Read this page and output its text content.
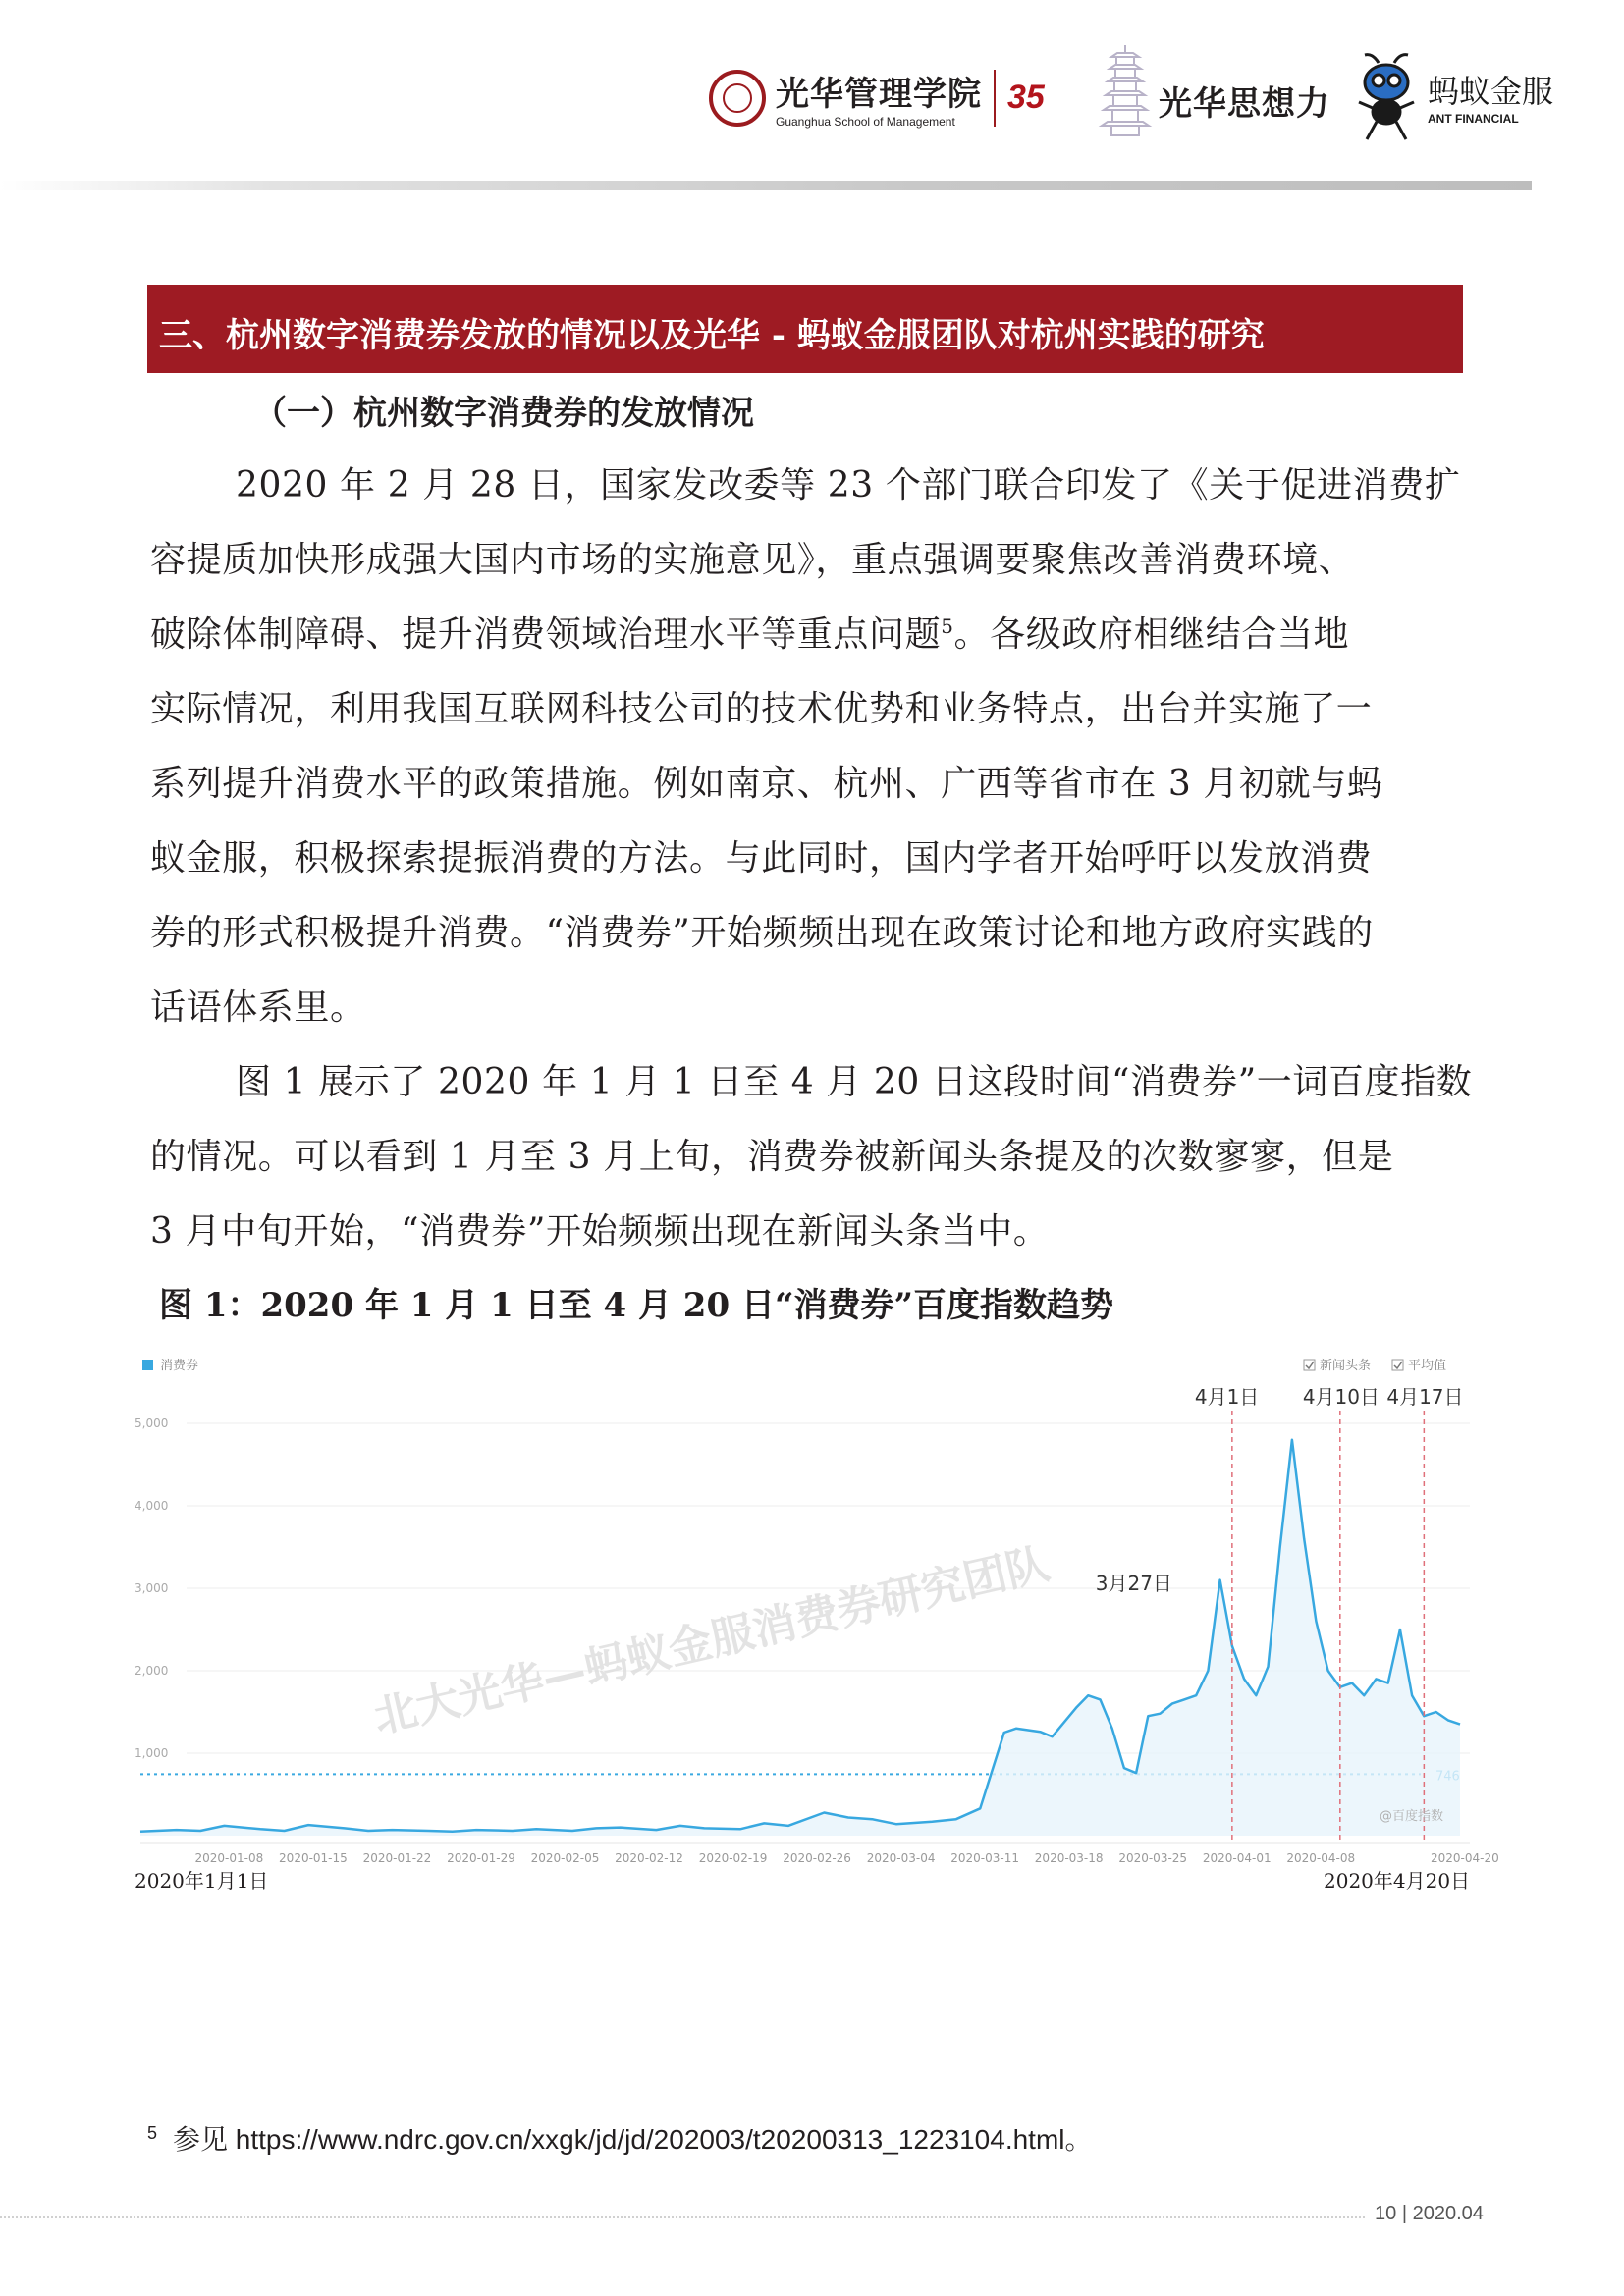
光华管理学院
Guanghua School of Management
35	光华思想力	蚂蚁金服
ANT FINANCIAL
三、杭州数字消费券发放的情况以及光华 - 蚂蚁金服团队对杭州实践的研究
（一）杭州数字消费券的发放情况
2020 年 2 月 28 日，国家发改委等 23 个部门联合印发了《关于促进消费扩
容提质加快形成强大国内市场的实施意见》，重点强调要聚焦改善消费环境、
破除体制障碍、提升消费领域治理水平等重点问题$^5$。各级政府相继结合当地
实际情况，利用我国互联网科技公司的技术优势和业务特点，出台并实施了一
系列提升消费水平的政策措施。例如南京、杭州、广西等省市在 3 月初就与蚂
蚁金服，积极探索提振消费的方法。与此同时，国内学者开始呼吁以发放消费
券的形式积极提升消费。“消费券”开始频频出现在政策讨论和地方政府实践的
话语体系里。
图 1 展示了 2020 年 1 月 1 日至 4 月 20 日这段时间“消费券”一词百度指数
的情况。可以看到 1 月至 3 月上旬，消费券被新闻头条提及的次数寥寥，但是
3 月中旬开始，“消费券”开始频频出现在新闻头条当中。
图 1：2020 年 1 月 1 日至 4 月 20 日“消费券”百度指数趋势
5,000
4,000
3,000
2,000
1,000
2020-01-08 2020-01-15 2020-01-22 2020-01-29 2020-02-05 2020-02-12 2020-02-19 2020-02-26 2020-03-04 2020-03-11 2020-03-18 2020-03-25 2020-04-01 2020-04-08	2020-04-20
3月27日
4月1日 4月10日 4月17日
消费券	新闻头条	平均值
北大光华—蚂蚁金服消费券研究团队
@百度指数
2020年1月1日	2020年4月20日
$^5$ 参见 https://www.ndrc.gov.cn/xxgk/jd/jd/202003/t20200313_1223104.html。
10 | 2020.04
